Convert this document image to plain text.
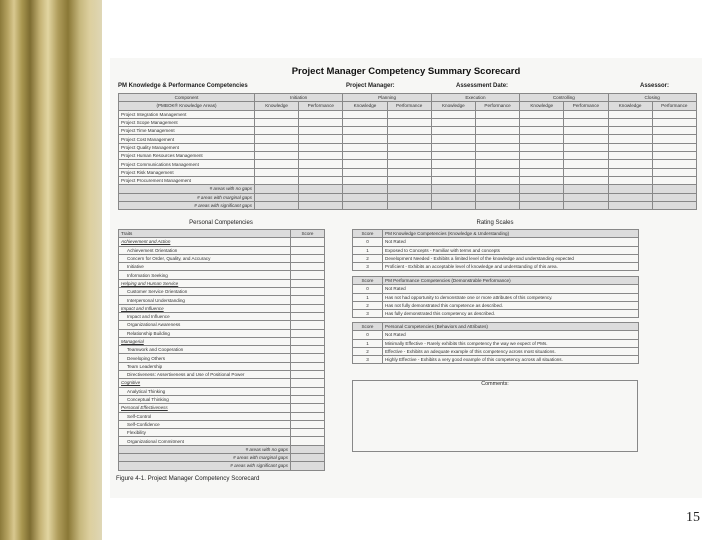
Project Manager Competency Summary Scorecard
PM Knowledge & Performance Competencies	Project Manager:	Assessment Date:	Assessor:
Component	Initiation		Planning		Execution		Controlling		Closing	
(PMBOK® Knowledge Areas)	Knowledge	Performance	Knowledge	Performance	Knowledge	Performance	Knowledge	Performance	Knowledge	Performance
Project Integration Management										
Project Scope Management										
Project Time Management										
Project Cost Management										
Project Quality Management										
Project Human Resources Management										
Project Communications Management										
Project Risk Management										
Project Procurement Management										
# areas with no gaps										
# areas with marginal gaps										
# areas with significant gaps										
Personal Competencies
Traits	Score
Achievement and Action	
Achievement Orientation	
Concern for Order, Quality, and Accuracy	
Initiative	
Information Seeking	
Helping and Human Service	
Customer Service Orientation	
Interpersonal Understanding	
Impact and Influence	
Impact and Influence	
Organizational Awareness	
Relationship Building	
Managerial	
Teamwork and Cooperation	
Developing Others	
Team Leadership	
Directiveness: Assertiveness and Use of Positional Power	
Cognitive	
Analytical Thinking	
Conceptual Thinking	
Personal Effectiveness	
Self-Control	
Self-Confidence	
Flexibility	
Organizational Commitment	
# areas with no gaps	
# areas with marginal gaps	
# areas with significant gaps	
Rating Scales
Score	PM Knowledge Competencies (Knowledge & Understanding)
0	Not Rated
1	Exposed to Concepts - Familiar with terms and concepts
2	Development Needed - Exhibits a limited level of the knowledge and understanding expected
3	Proficient - Exhibits an acceptable level of knowledge and understanding of this area.
Score	PM Performance Competencies (Demonstrable Performance)
0	Not Rated
1	Has not had opportunity to demonstrate one or more attributes of this competency.
2	Has not fully demonstrated this competence as described.
3	Has fully demonstrated this competency as described.
Score	Personal Competencies (Behaviors and Attributes)
0	Not Rated
1	Minimally Effective - Rarely exhibits this competency the way we expect of PMs.
2	Effective - Exhibits an adequate example of this competency across most situations.
3	Highly Effective - Exhibits a very good example of this competency across all situations.
Comments:
Figure 4-1. Project Manager Competency Scorecard
15
